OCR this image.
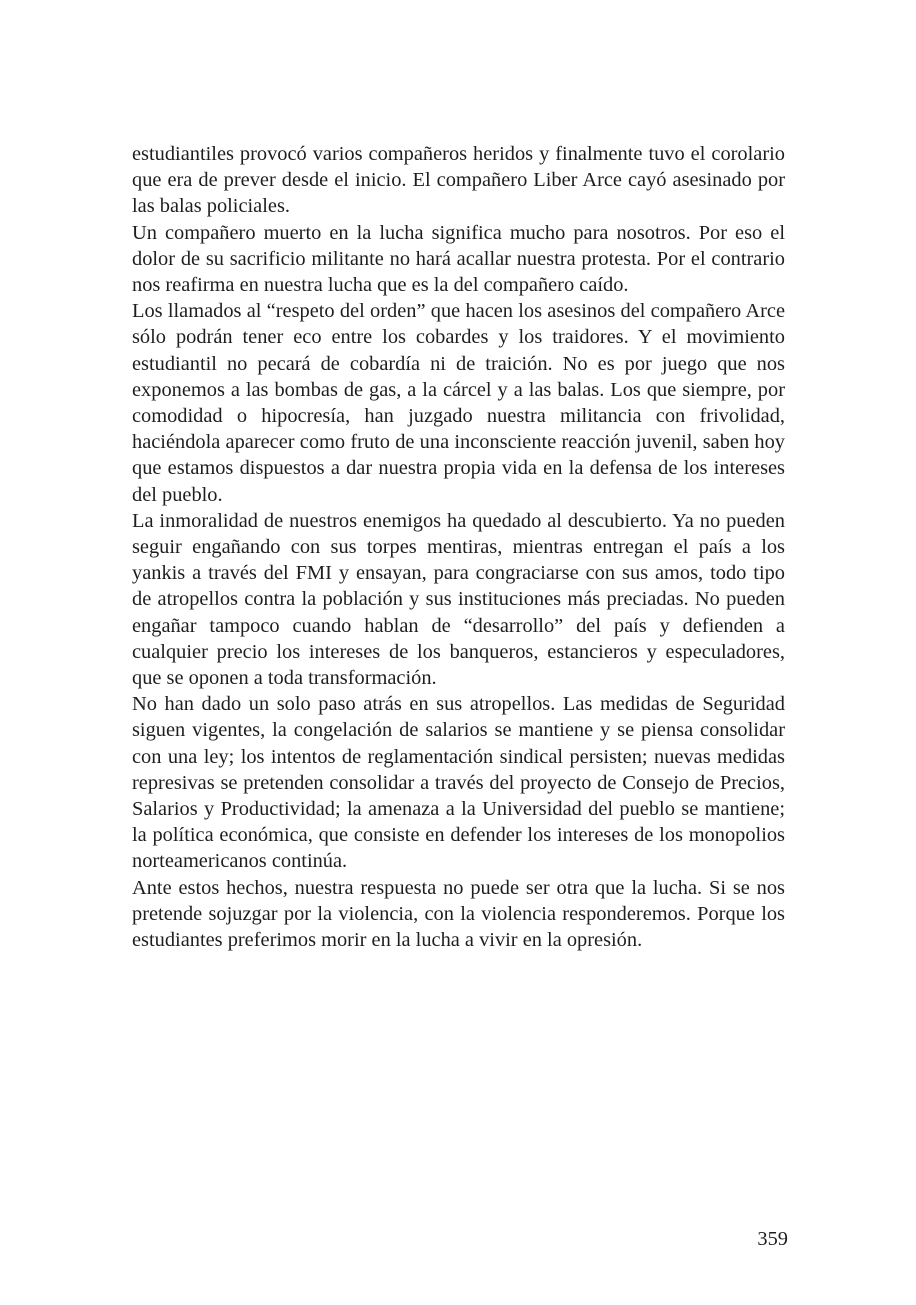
estudiantiles provocó varios compañeros heridos y finalmente tuvo el corolario que era de prever desde el inicio. El compañero Liber Arce cayó asesinado por las balas policiales.

Un compañero muerto en la lucha significa mucho para nosotros. Por eso el dolor de su sacrificio militante no hará acallar nuestra protesta. Por el contrario nos reafirma en nuestra lucha que es la del compañero caído.

Los llamados al “respeto del orden” que hacen los asesinos del compañero Arce sólo podrán tener eco entre los cobardes y los traidores. Y el movimiento estudiantil no pecará de cobardía ni de traición. No es por juego que nos exponemos a las bombas de gas, a la cárcel y a las balas. Los que siempre, por comodidad o hipocresía, han juzgado nuestra militancia con frivolidad, haciéndola aparecer como fruto de una inconsciente reacción juvenil, saben hoy que estamos dispuestos a dar nuestra propia vida en la defensa de los intereses del pueblo.

La inmoralidad de nuestros enemigos ha quedado al descubierto. Ya no pueden seguir engañando con sus torpes mentiras, mientras entregan el país a los yankis a través del FMI y ensayan, para congraciarse con sus amos, todo tipo de atropellos contra la población y sus instituciones más preciadas. No pueden engañar tampoco cuando hablan de “desarrollo” del país y defienden a cualquier precio los intereses de los banqueros, estancieros y especuladores, que se oponen a toda transformación.

No han dado un solo paso atrás en sus atropellos. Las medidas de Seguridad siguen vigentes, la congelación de salarios se mantiene y se piensa consolidar con una ley; los intentos de reglamentación sindical persisten; nuevas medidas represivas se pretenden consolidar a través del proyecto de Consejo de Precios, Salarios y Productividad; la amenaza a la Universidad del pueblo se mantiene; la política económica, que consiste en defender los intereses de los monopolios norteamericanos continúa.

Ante estos hechos, nuestra respuesta no puede ser otra que la lucha. Si se nos pretende sojuzgar por la violencia, con la violencia responderemos. Porque los estudiantes preferimos morir en la lucha a vivir en la opresión.

359
